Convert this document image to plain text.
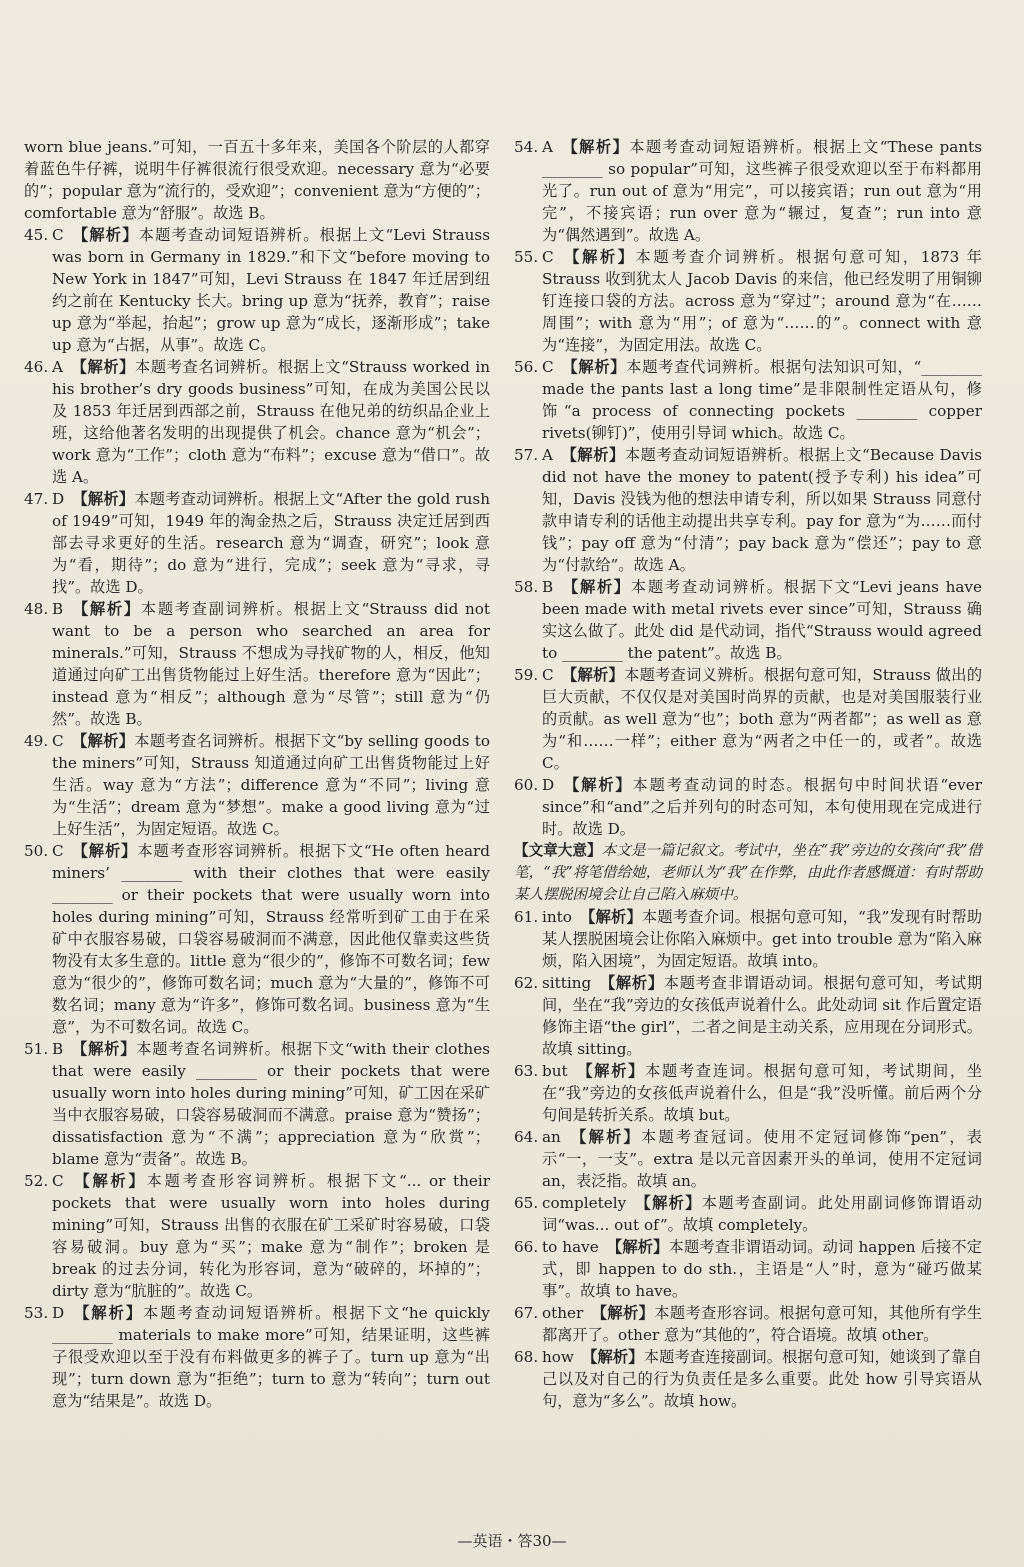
worn blue jeans.”可知，一百五十多年来，美国各个阶层的人都穿着蓝色牛仔裤，说明牛仔裤很流行很受欢迎。necessary 意为“必要的”；popular 意为“流行的，受欢迎”；convenient 意为“方便的”；comfortable 意为“舒服”。故选 B。

45. C 【解析】本题考查动词短语辨析。根据上文“Levi Strauss was born in Germany in 1829.”和下文“before moving to New York in 1847”可知，Levi Strauss 在 1847 年迁居到纽约之前在 Kentucky 长大。bring up 意为“抚养，教育”；raise up 意为“举起，抬起”；grow up 意为“成长，逐渐形成”；take up 意为“占据，从事”。故选 C。
46. A 【解析】本题考查名词辨析。根据上文“Strauss worked in his brother’s dry goods business”可知，在成为美国公民以及 1853 年迁居到西部之前，Strauss 在他兄弟的纺织品企业上班，这给他著名发明的出现提供了机会。chance 意为“机会”；work 意为“工作”；cloth 意为“布料”；excuse 意为“借口”。故选 A。
47. D 【解析】本题考查动词辨析。根据上文“After the gold rush of 1949”可知，1949 年的淘金热之后，Strauss 决定迁居到西部去寻求更好的生活。research 意为“调查，研究”；look 意为“看，期待”；do 意为“进行，完成”；seek 意为“寻求，寻找”。故选 D。
48. B 【解析】本题考查副词辨析。根据上文“Strauss did not want to be a person who searched an area for minerals.”可知，Strauss 不想成为寻找矿物的人，相反，他知道通过向矿工出售货物能过上好生活。therefore 意为“因此”；instead 意为“相反”；although 意为“尽管”；still 意为“仍然”。故选 B。
49. C 【解析】本题考查名词辨析。根据下文“by selling goods to the miners”可知，Strauss 知道通过向矿工出售货物能过上好生活。way 意为“方法”；difference 意为“不同”；living 意为“生活”；dream 意为“梦想”。make a good living 意为“过上好生活”，为固定短语。故选 C。
50. C 【解析】本题考查形容词辨析。根据下文“He often heard miners’ ________ with their clothes that were easily ________ or their pockets that were usually worn into holes during mining”可知，Strauss 经常听到矿工由于在采矿中衣服容易破，口袋容易破洞而不满意，因此他仅靠卖这些货物没有太多生意的。little 意为“很少的”，修饰不可数名词；few 意为“很少的”，修饰可数名词；much 意为“大量的”，修饰不可数名词；many 意为“许多”，修饰可数名词。business 意为“生意”，为不可数名词。故选 C。
51. B 【解析】本题考查名词辨析。根据下文“with their clothes that were easily ________ or their pockets that were usually worn into holes during mining”可知，矿工因在采矿当中衣服容易破，口袋容易破洞而不满意。praise 意为“赞扬”；dissatisfaction 意为“不满”；appreciation 意为“欣赏”；blame 意为“责备”。故选 B。
52. C 【解析】本题考查形容词辨析。根据下文“... or their pockets that were usually worn into holes during mining”可知，Strauss 出售的衣服在矿工采矿时容易破，口袋容易破洞。buy 意为“买”；make 意为“制作”；broken 是 break 的过去分词，转化为形容词，意为“破碎的，坏掉的”；dirty 意为“肮脏的”。故选 C。
53. D 【解析】本题考查动词短语辨析。根据下文“he quickly ________ materials to make more”可知，结果证明，这些裤子很受欢迎以至于没有布料做更多的裤子了。turn up 意为“出现”；turn down 意为“拒绝”；turn to 意为“转向”；turn out 意为“结果是”。故选 D。
54. A 【解析】本题考查动词短语辨析。根据上文“These pants ________ so popular”可知，这些裤子很受欢迎以至于布料都用光了。run out of 意为“用完”，可以接宾语；run out 意为“用完”，不接宾语；run over 意为“辗过，复查”；run into 意为“偶然遇到”。故选 A。
55. C 【解析】本题考查介词辨析。根据句意可知，1873 年 Strauss 收到犹太人 Jacob Davis 的来信，他已经发明了用铜铆钉连接口袋的方法。across 意为“穿过”；around 意为“在……周围”；with 意为“用”；of 意为“……的”。connect with 意为“连接”，为固定用法。故选 C。
56. C 【解析】本题考查代词辨析。根据句法知识可知，“________ made the pants last a long time”是非限制性定语从句，修饰“a process of connecting pockets ________ copper rivets(铆钉)”，使用引导词 which。故选 C。
57. A 【解析】本题考查动词短语辨析。根据上文“Because Davis did not have the money to patent(授予专利) his idea”可知，Davis 没钱为他的想法申请专利，所以如果 Strauss 同意付款申请专利的话他主动提出共享专利。pay for 意为“为……而付钱”；pay off 意为“付清”；pay back 意为“偿还”；pay to 意为“付款给”。故选 A。
58. B 【解析】本题考查动词辨析。根据下文“Levi jeans have been made with metal rivets ever since”可知，Strauss 确实这么做了。此处 did 是代动词，指代“Strauss would agreed to ________ the patent”。故选 B。
59. C 【解析】本题考查词义辨析。根据句意可知，Strauss 做出的巨大贡献，不仅仅是对美国时尚界的贡献，也是对美国服装行业的贡献。as well 意为“也”；both 意为“两者都”；as well as 意为“和……一样”；either 意为“两者之中任一的，或者”。故选 C。
60. D 【解析】本题考查动词的时态。根据句中时间状语“ever since”和“and”之后并列句的时态可知，本句使用现在完成进行时。故选 D。

【文章大意】本文是一篇记叙文。考试中，坐在“我”旁边的女孩向“我”借笔，“我”将笔借给她，老师认为“我”在作弊，由此作者感慨道：有时帮助某人摆脱困境会让自己陷入麻烦中。

61. into 【解析】本题考查介词。根据句意可知，“我”发现有时帮助某人摆脱困境会让你陷入麻烦中。get into trouble 意为“陷入麻烦，陷入困境”，为固定短语。故填 into。
62. sitting 【解析】本题考查非谓语动词。根据句意可知，考试期间，坐在“我”旁边的女孩低声说着什么。此处动词 sit 作后置定语修饰主语“the girl”，二者之间是主动关系，应用现在分词形式。故填 sitting。
63. but 【解析】本题考查连词。根据句意可知，考试期间，坐在“我”旁边的女孩低声说着什么，但是“我”没听懂。前后两个分句间是转折关系。故填 but。
64. an 【解析】本题考查冠词。使用不定冠词修饰“pen”，表示“一，一支”。extra 是以元音因素开头的单词，使用不定冠词 an，表泛指。故填 an。
65. completely 【解析】本题考查副词。此处用副词修饰谓语动词“was... out of”。故填 completely。
66. to have 【解析】本题考查非谓语动词。动词 happen 后接不定式，即 happen to do sth.，主语是“人”时，意为“碰巧做某事”。故填 to have。
67. other 【解析】本题考查形容词。根据句意可知，其他所有学生都离开了。other 意为“其他的”，符合语境。故填 other。
68. how 【解析】本题考查连接副词。根据句意可知，她谈到了靠自己以及对自己的行为负责任是多么重要。此处 how 引导宾语从句，意为“多么”。故填 how。
—英语・答30—
